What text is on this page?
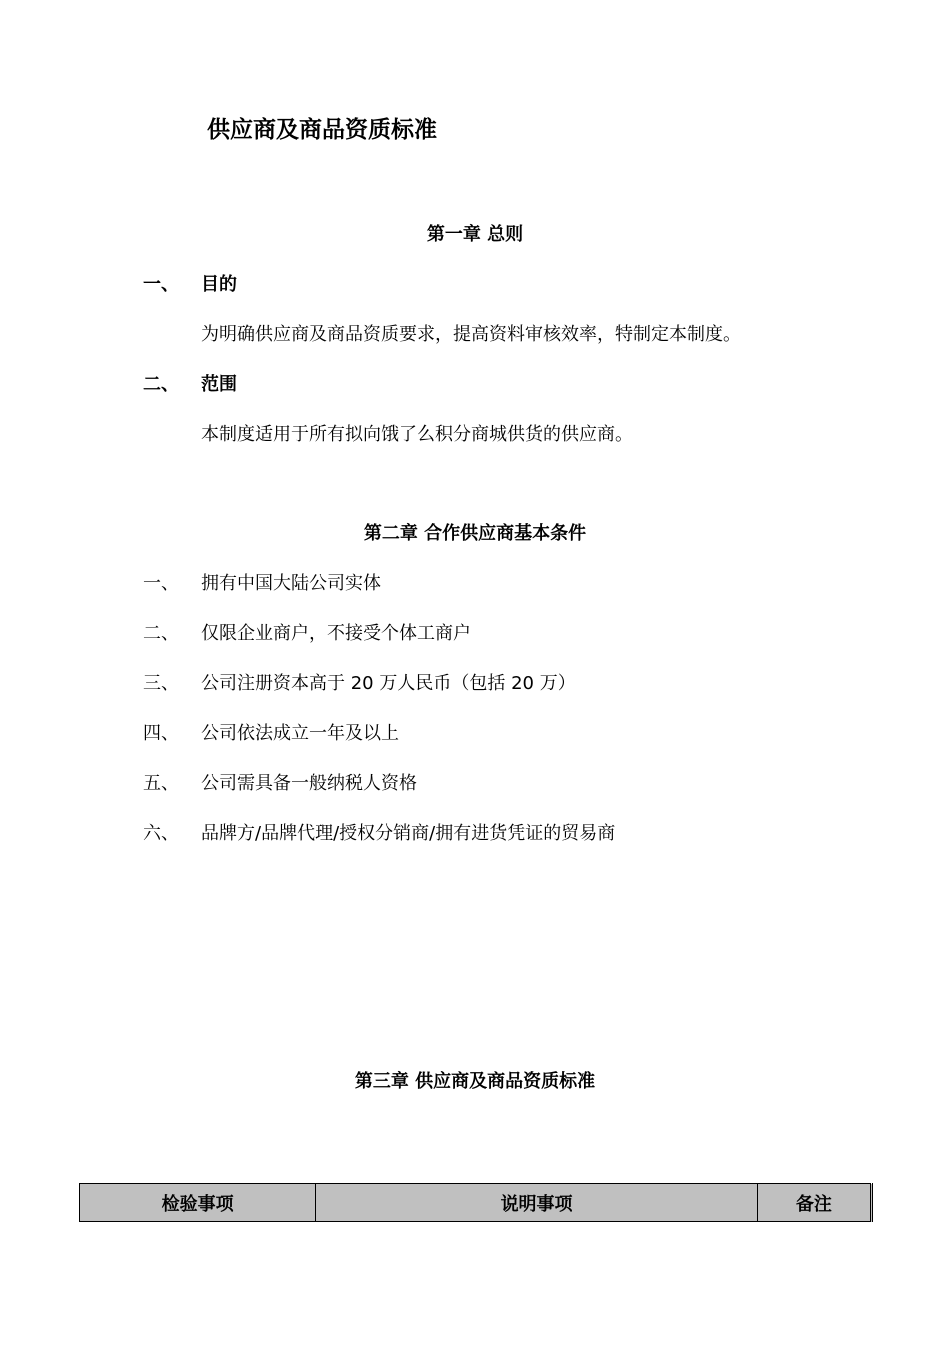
供应商及商品资质标准
第一章 总则
一、 目的
为明确供应商及商品资质要求，提高资料审核效率，特制定本制度。
二、 范围
本制度适用于所有拟向饿了么积分商城供货的供应商。
第二章 合作供应商基本条件
一、 拥有中国大陆公司实体
二、 仅限企业商户，不接受个体工商户
三、 公司注册资本高于 20 万人民币（包括 20 万）
四、 公司依法成立一年及以上
五、 公司需具备一般纳税人资格
六、 品牌方/品牌代理/授权分销商/拥有进货凭证的贸易商
第三章 供应商及商品资质标准
检验事项	说明事项	备注
